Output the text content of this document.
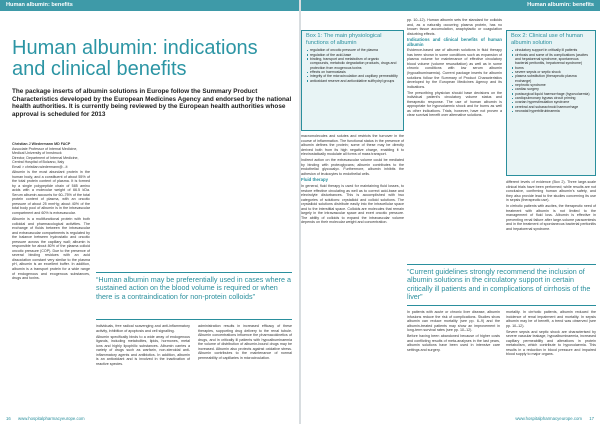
Human albumin: benefits
Human albumin: indications and clinical benefits
The package inserts of albumin solutions in Europe follow the Summary Product Characteristics developed by the European Medicines Agency and endorsed by the national health authorities. It is currently being reviewed by the European health authorities whose approval is scheduled for 2013
Christian J Wiedermann MD FACP
Associate Professor of Internal Medicine,
Medical University of Innsbruck
Director, Department of Internal Medicine,
Central Hospital of Bolzano, Italy
Email > christian.wiedermann@...it

Albumin is the most abundant protein in the human body, and a constituent of about 55% of the total protein content of plasma. It is formed by a single polypeptide chain of 585 amino acids with a molecular weight of 66.5 kDa. Serum albumin accounts for 60–75% of the total protein content of plasma, with an oncotic pressure of about 25 mmHg; about 40% of the total body pool of albumin is in the intravascular compartment and 60% is extravascular.

Albumin is a multifunctional protein with both colloidal and pharmacological activities. The exchange of fluids between the intravascular and extravascular compartments is regulated by the balance between hydrostatic and oncotic pressure across the capillary wall; albumin is responsible for about 80% of the plasma colloid oncotic pressure (COP). Due to the presence of several binding residues with an acid dissociation constant very similar to the plasma pH, albumin is an excellent buffer. In addition, albumin is a transport protein for a wide range of endogenous and exogenous substances, drugs and toxins.	“Human albumin may be preferentially used in cases where a sustained action on the blood volume is required or when there is a contraindication for non-protein colloids”

individuals, free radical scavenging and anti-inflammatory activity, inhibition of apoptosis and cell signalling.

Albumin specifically binds to a wide array of endogenous ligands, including metabolites, lipids, hormones, metal ions and highly lipophilic substances. Albumin carries a variety of drugs such as warfarin, non-steroidal anti-inflammatory agents and antibiotics. In addition, albumin is an antioxidant and is involved in the inactivation of reactive species.

administration results in increased efficacy of these therapies, supporting drug delivery to the renal tubule. Albumin concentrations influence the pharmacokinetics of drugs, and in critically ill patients with hypoalbuminaemia the volume of distribution of albumin-bound drugs may be increased. Albumin also protects against oxidative stress. Albumin contributes to the maintenance of normal permeability of capillaries in microcirculation.

16 www.hospitalpharmacyeurope.com
Human albumin: benefits
Box 1: The main physiological functions of albumin
regulation of oncotic pressure of the plasma
regulation of the acid-base
binding, transport and metabolism of organic compounds, metabolic degradation products, drugs and protection from exogenous toxins
effects on haemostasis
integrity of the microcirculation and capillary permeability
antioxidant reserve and antioxidative sulfhydryl groups

macromolecules and solutes and restricts the turnover in the course of inflammation. The functional status in the presence of albumin defines the protein; some of these may be directly derived both from its high negative charge, enabling it to electrostatically modulate all forms of mass transport.

Indirect action on the extravascular volume could be mediated by binding with proteoglycans; albumin contributes to the endothelial glycocalyx. Furthermore, albumin inhibits the adhesion of leukocytes to endothelial cells.

Fluid therapy

In general, fluid therapy is used for maintaining fluid losses, to restore effective circulating as well as to correct acid-base and electrolyte disturbances. This is accomplished with two categories of solutions: crystalloid and colloid solutions. The crystalloid solutions distribute easily into the intracellular space and to the interstitial space. Colloids are molecules that remain largely in the intravascular space and exert oncotic pressure. The ability of colloids to expand the intravascular volume depends on their molecular weight and concentration.

pp. 10–12). Human albumin sets the standard for colloids and, as a naturally occurring plasma protein, has no known tissue accumulation, anaphylactic or coagulation disturbing effects.

Indications and clinical benefits of human albumin

Evidence-based use of albumin solutions in fluid therapy has been shown in some conditions such as expansion of plasma volume for maintenance of effective circulatory blood volume (volume resuscitation) as well as in some chronic conditions with low serum albumin (hypoalbuminaemia). Current package inserts for albumin solutions follow the Summary of Product Characteristics developed by the European Medicines Agency and its indications.

The prescribing physician should base decisions on the individual patient's circulatory volume status and therapeutic response. The use of human albumin is appropriate for hypovolaemic shock and for burns as well as other indications. Trials, however, have not proven a clear survival benefit over alternative solutions.

Box 2: Clinical use of human albumin solution
circulatory support in critically ill patients
cirrhosis and some of its complications (ascites and hepatorenal syndrome, spontaneous bacterial peritonitis, hepatorenal syndrome)
burns
severe sepsis or septic shock
plasma substitution (therapeutic plasma exchange)
nephrotic syndrome
cardiac surgery
postsurgical liquid haemorrhage (hypovolaemia)
cardiopulmonary bypass circuit priming
ovarian hyperstimulation syndrome
cerebral and subarachnoid haemorrhage
neonatal hyperbilirubinaemia

different levels of evidence (Box 2). Three large-scale clinical trials have been performed; while results are not conclusive, confirming human albumin's safety, and they also provide lead to the studies concerning its use in sepsis (therapeutic use).

In cirrhotic patients with ascites, the therapeutic need of treatment with albumin is not limited to the management of fluid loss. Albumin is effective in preventing renal failure after large-volume paracentesis and in the treatment of spontaneous bacterial peritonitis and hepatorenal syndrome.

“Current guidelines strongly recommend the inclusion of albumin solutions in the circulatory support in certain critically ill patients and in complications of cirrhosis of the liver”

In patients with acute or chronic liver disease, albumin infusions reduce the risk of complications. Studies show albumin can reduce mortality (see pp. 6–9) and the albumin-treated patients may show an improvement in long-term survival rates (see pp. 10–12).

Before having been abandoned because of higher costs and conflicting results of meta-analyses in the last years, albumin solutions have been used in intensive care settings and surgery.

mortality. In cirrhotic patients, albumin reduced the incidence of renal impairment and mortality. In sepsis albumin may be of benefit, a trend was observed (see pp. 10–12).

Severe sepsis and septic shock are characterised by severe vascular leakage, hypoalbuminaemia, increased capillary permeability and alterations in protein metabolism, which contribute to hypovolaemia. This results in a reduction in blood pressure and impaired blood supply to major organs.

www.hospitalpharmacyeurope.com 17
